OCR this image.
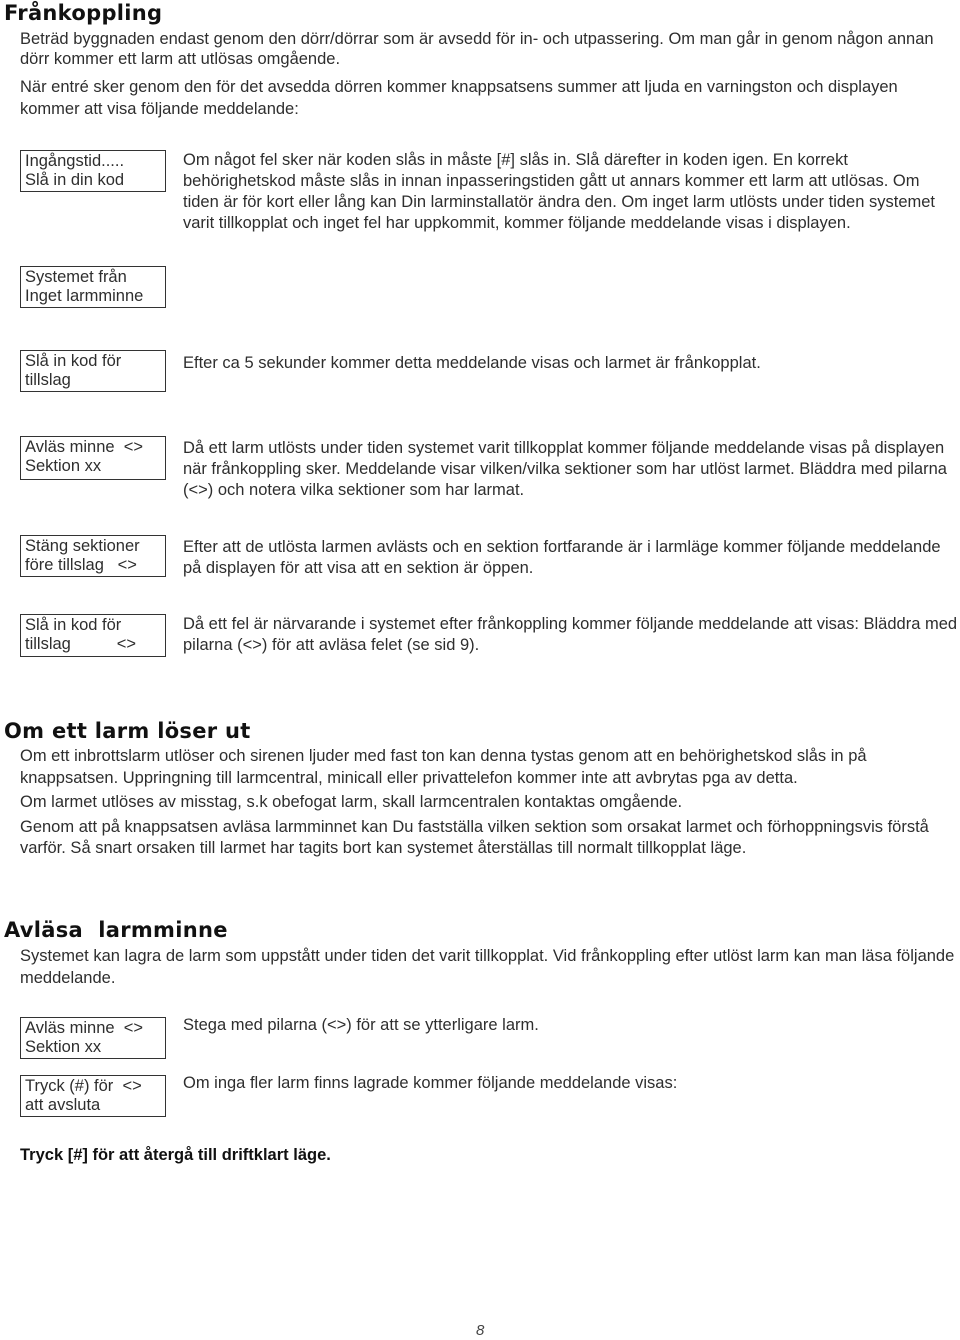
Frånkoppling

Beträd byggnaden endast genom den dörr/dörrar som är avsedd för in- och utpassering. Om man går in genom någon annan dörr kommer ett larm att utlösas omgående.

När entré sker genom den för det avsedda dörren kommer knappsatsens summer att ljuda en varningston och displayen kommer att visa följande meddelande:

Ingångstid.....
Slå in din kod
Om något fel sker när koden slås in måste [#] slås in. Slå därefter in koden igen. En korrekt behörighetskod måste slås in innan inpasseringstiden gått ut annars kommer ett larm att utlösas. Om tiden är för kort eller lång kan Din larminstallatör ändra den. Om inget larm utlösts under tiden systemet varit tillkopplat och inget fel har uppkommit, kommer följande meddelande visas i displayen.
Systemet från
Inget larmminne
Slå in kod för
tillslag
Efter ca 5 sekunder kommer detta meddelande visas och larmet är frånkopplat.
Avläs minne  <>
Sektion xx
Då ett larm utlösts under tiden systemet varit tillkopplat kommer följande meddelande visas på displayen när frånkoppling sker. Meddelande visar vilken/vilka sektioner som har utlöst larmet. Bläddra med pilarna (<>) och notera vilka sektioner som har larmat.
Stäng sektioner
före tillslag   <>
Efter att de utlösta larmen avlästs och en sektion fortfarande är i larmläge kommer följande meddelande på displayen för att visa att en sektion är öppen.
Slå in kod för
tillslag          <>
Då ett fel är närvarande i systemet efter frånkoppling kommer följande meddelande att visas: Bläddra med pilarna (<>) för att avläsa felet (se sid 9).
Om ett larm löser ut

Om ett inbrottslarm utlöser och sirenen ljuder med fast ton kan denna tystas genom att en behörighetskod slås in på knappsatsen. Uppringning till larmcentral, minicall eller privattelefon kommer inte att avbrytas pga av detta.

Om larmet utlöses av misstag, s.k obefogat larm, skall larmcentralen kontaktas omgående.

Genom att på knappsatsen avläsa larmminnet kan Du fastställa vilken sektion som orsakat larmet och förhoppningsvis förstå varför. Så snart orsaken till larmet har tagits bort kan systemet återställas till normalt tillkopplat läge.

Avläsa  larmminne
Systemet kan lagra de larm som uppstått under tiden det varit tillkopplat. Vid frånkoppling efter utlöst larm kan man läsa följande meddelande.
Avläs minne  <>
Sektion xx
Stega med pilarna (<>) för att se ytterligare larm.
Tryck (#) för  <>
att avsluta
Om inga fler larm finns lagrade kommer följande meddelande visas:
Tryck [#] för att återgå till driftklart läge.
8
